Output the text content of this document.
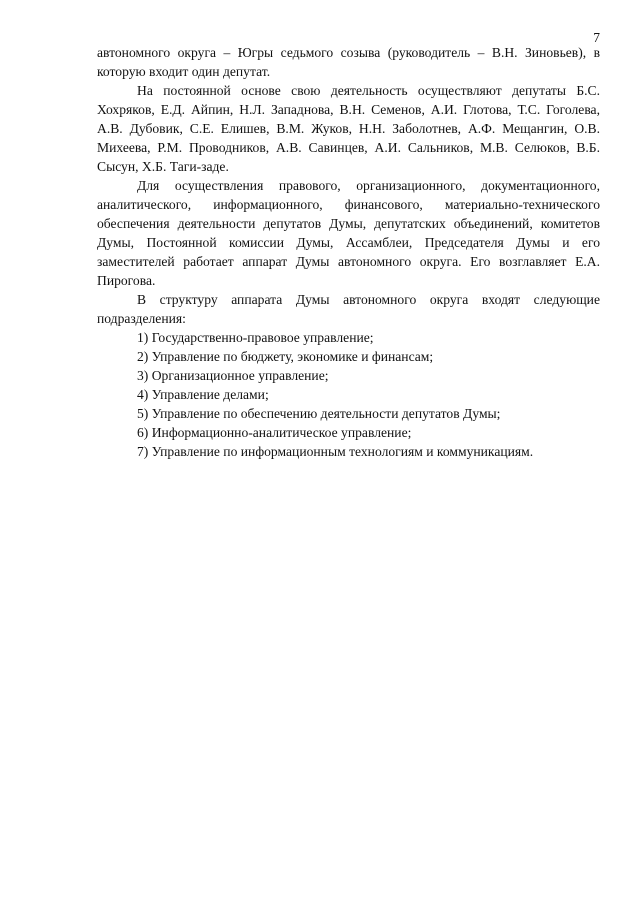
7

автономного округа – Югры седьмого созыва (руководитель – В.Н. Зиновьев), в которую входит один депутат.

На постоянной основе свою деятельность осуществляют депутаты Б.С. Хохряков, Е.Д. Айпин, Н.Л. Западнова, В.Н. Семенов, А.И. Глотова, Т.С. Гоголева, А.В. Дубовик, С.Е. Елишев, В.М. Жуков, Н.Н. Заболотнев, А.Ф. Мещангин, О.В. Михеева, Р.М. Проводников, А.В. Савинцев, А.И. Сальников, М.В. Селюков, В.Б. Сысун, Х.Б. Таги-заде.

Для осуществления правового, организационного, документационного, аналитического, информационного, финансового, материально-технического обеспечения деятельности депутатов Думы, депутатских объединений, комитетов Думы, Постоянной комиссии Думы, Ассамблеи, Председателя Думы и его заместителей работает аппарат Думы автономного округа. Его возглавляет Е.А. Пирогова.

В структуру аппарата Думы автономного округа входят следующие подразделения:

1) Государственно-правовое управление;
2) Управление по бюджету, экономике и финансам;
3) Организационное управление;
4) Управление делами;
5) Управление по обеспечению деятельности депутатов Думы;
6) Информационно-аналитическое управление;
7) Управление по информационным технологиям и коммуникациям.
